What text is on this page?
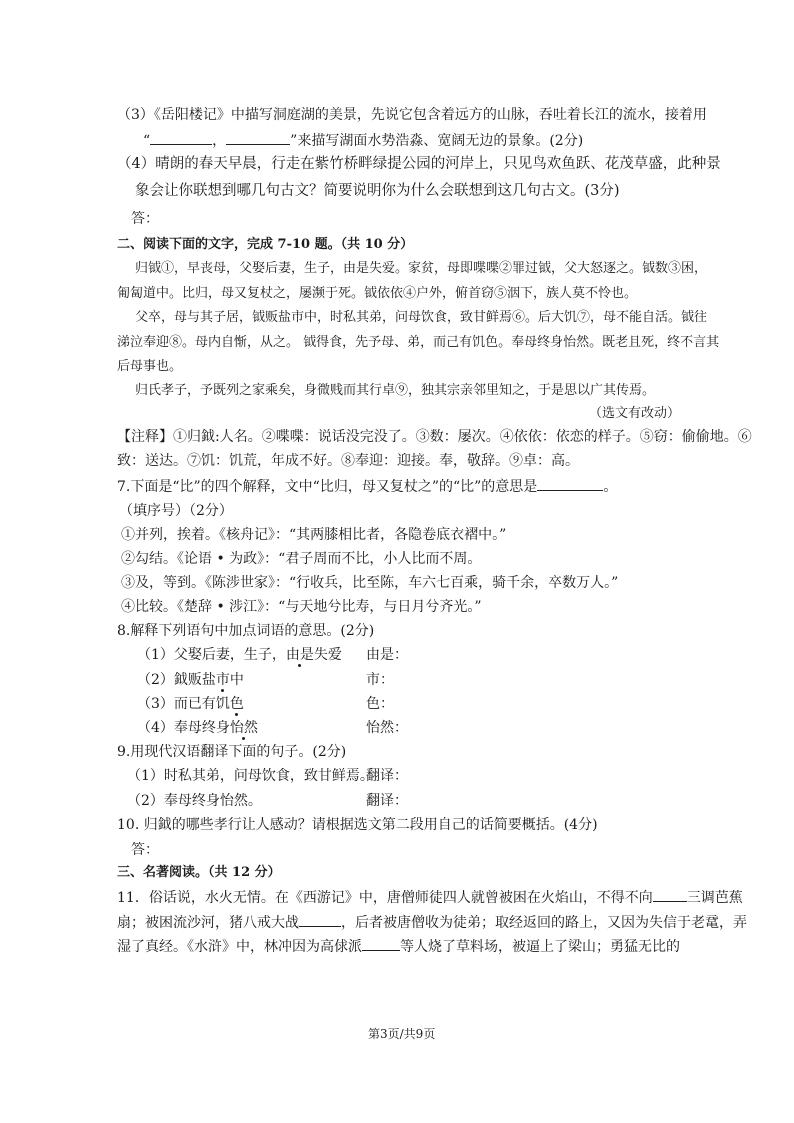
（3）《岳阳楼记》中描写洞庭湖的美景，先说它包含着远方的山脉，吞吐着长江的流水，接着用
“	，	”来描写湖面水势浩淼、宽阔无边的景象。(2分)
（4）晴朗的春天早晨，行走在紫竹桥畔绿提公园的河岸上，只见鸟欢鱼跃、花茂草盛，此种景
象会让你联想到哪几句古文？简要说明你为什么会联想到这几句古文。(3分)
答：
二、阅读下面的文字，完成 7-10 题。（共 10 分）
归钺①，早丧母，父娶后妻，生子，由是失爱。家贫，母即喋喋②罪过钺，父大怒逐之。钺数③困，
匍匐道中。比归，母又复杖之，屡濒于死。钺依依④户外，俯首窃⑤洇下，族人莫不怜也。
父卒，母与其子居，钺贩盐市中，时私其弟，问母饮食，致甘鲜焉⑥。后大饥⑦，母不能自活。钺往
涕泣奉迎⑧。母内自惭，从之。 钺得食，先予母、弟，而己有饥色。奉母终身怡然。既老且死，终不言其
后母事也。
归氏孝子，予既列之家乘矣，身微贱而其行卓⑨，独其宗亲邻里知之，于是思以广其传焉。
（选文有改动）
【注释】①归鉞:人名。②喋喋：说话没完没了。③数：屡次。④依依：依恋的样子。⑤窃：偷偷地。⑥
致：送达。⑦饥：饥荒，年成不好。⑧奉迎：迎接。奉，敬辞。⑨卓：高。
7.下面是“比”的四个解释，文中“比归，母又复杖之”的“比”的意思是	。
（填序号）（2分）
①并列，挨着。《核舟记》：“其两膝相比者，各隐卷底衣褶中。”
②勾结。《论语 • 为政》：“君子周而不比，小人比而不周。
③及，等到。《陈涉世家》：“行收兵，比至陈，车六七百乘，骑千余，卒数万人。”
④比较。《楚辞 • 涉江》：“与天地兮比寿，与日月兮齐光。”
8.解释下列语句中加点词语的意思。(2分)
（1）父娶后妻，生子，由是失爱 由是：
（2）鉞贩盐市中	市：
（3）而已有饥色	色：
（4）奉母终身怡然	怡然：
9.用现代汉语翻译下面的句子。(2分)
（1）时私其弟，问母饮食，致甘鲜焉。
翻译：
（2）奉母终身怡然。	翻译：
10. 归鉞的哪些孝行让人感动？请根据选文第二段用自己的话简要概括。(4分)
答：
三、名著阅读。（共 12 分）
11．俗话说，水火无情。在《西游记》中，唐僧师徒四人就曾被困在火焰山，不得不向 三调芭蕉
扇；被困流沙河，猪八戒大战	，后者被唐僧收为徒弟；取经返回的路上，又因为失信于老鼋，弄
湿了真经。《水浒》中，林冲因为高俅派	等人烧了草料场，被逼上了梁山；勇猛无比的
第3页/共9页
